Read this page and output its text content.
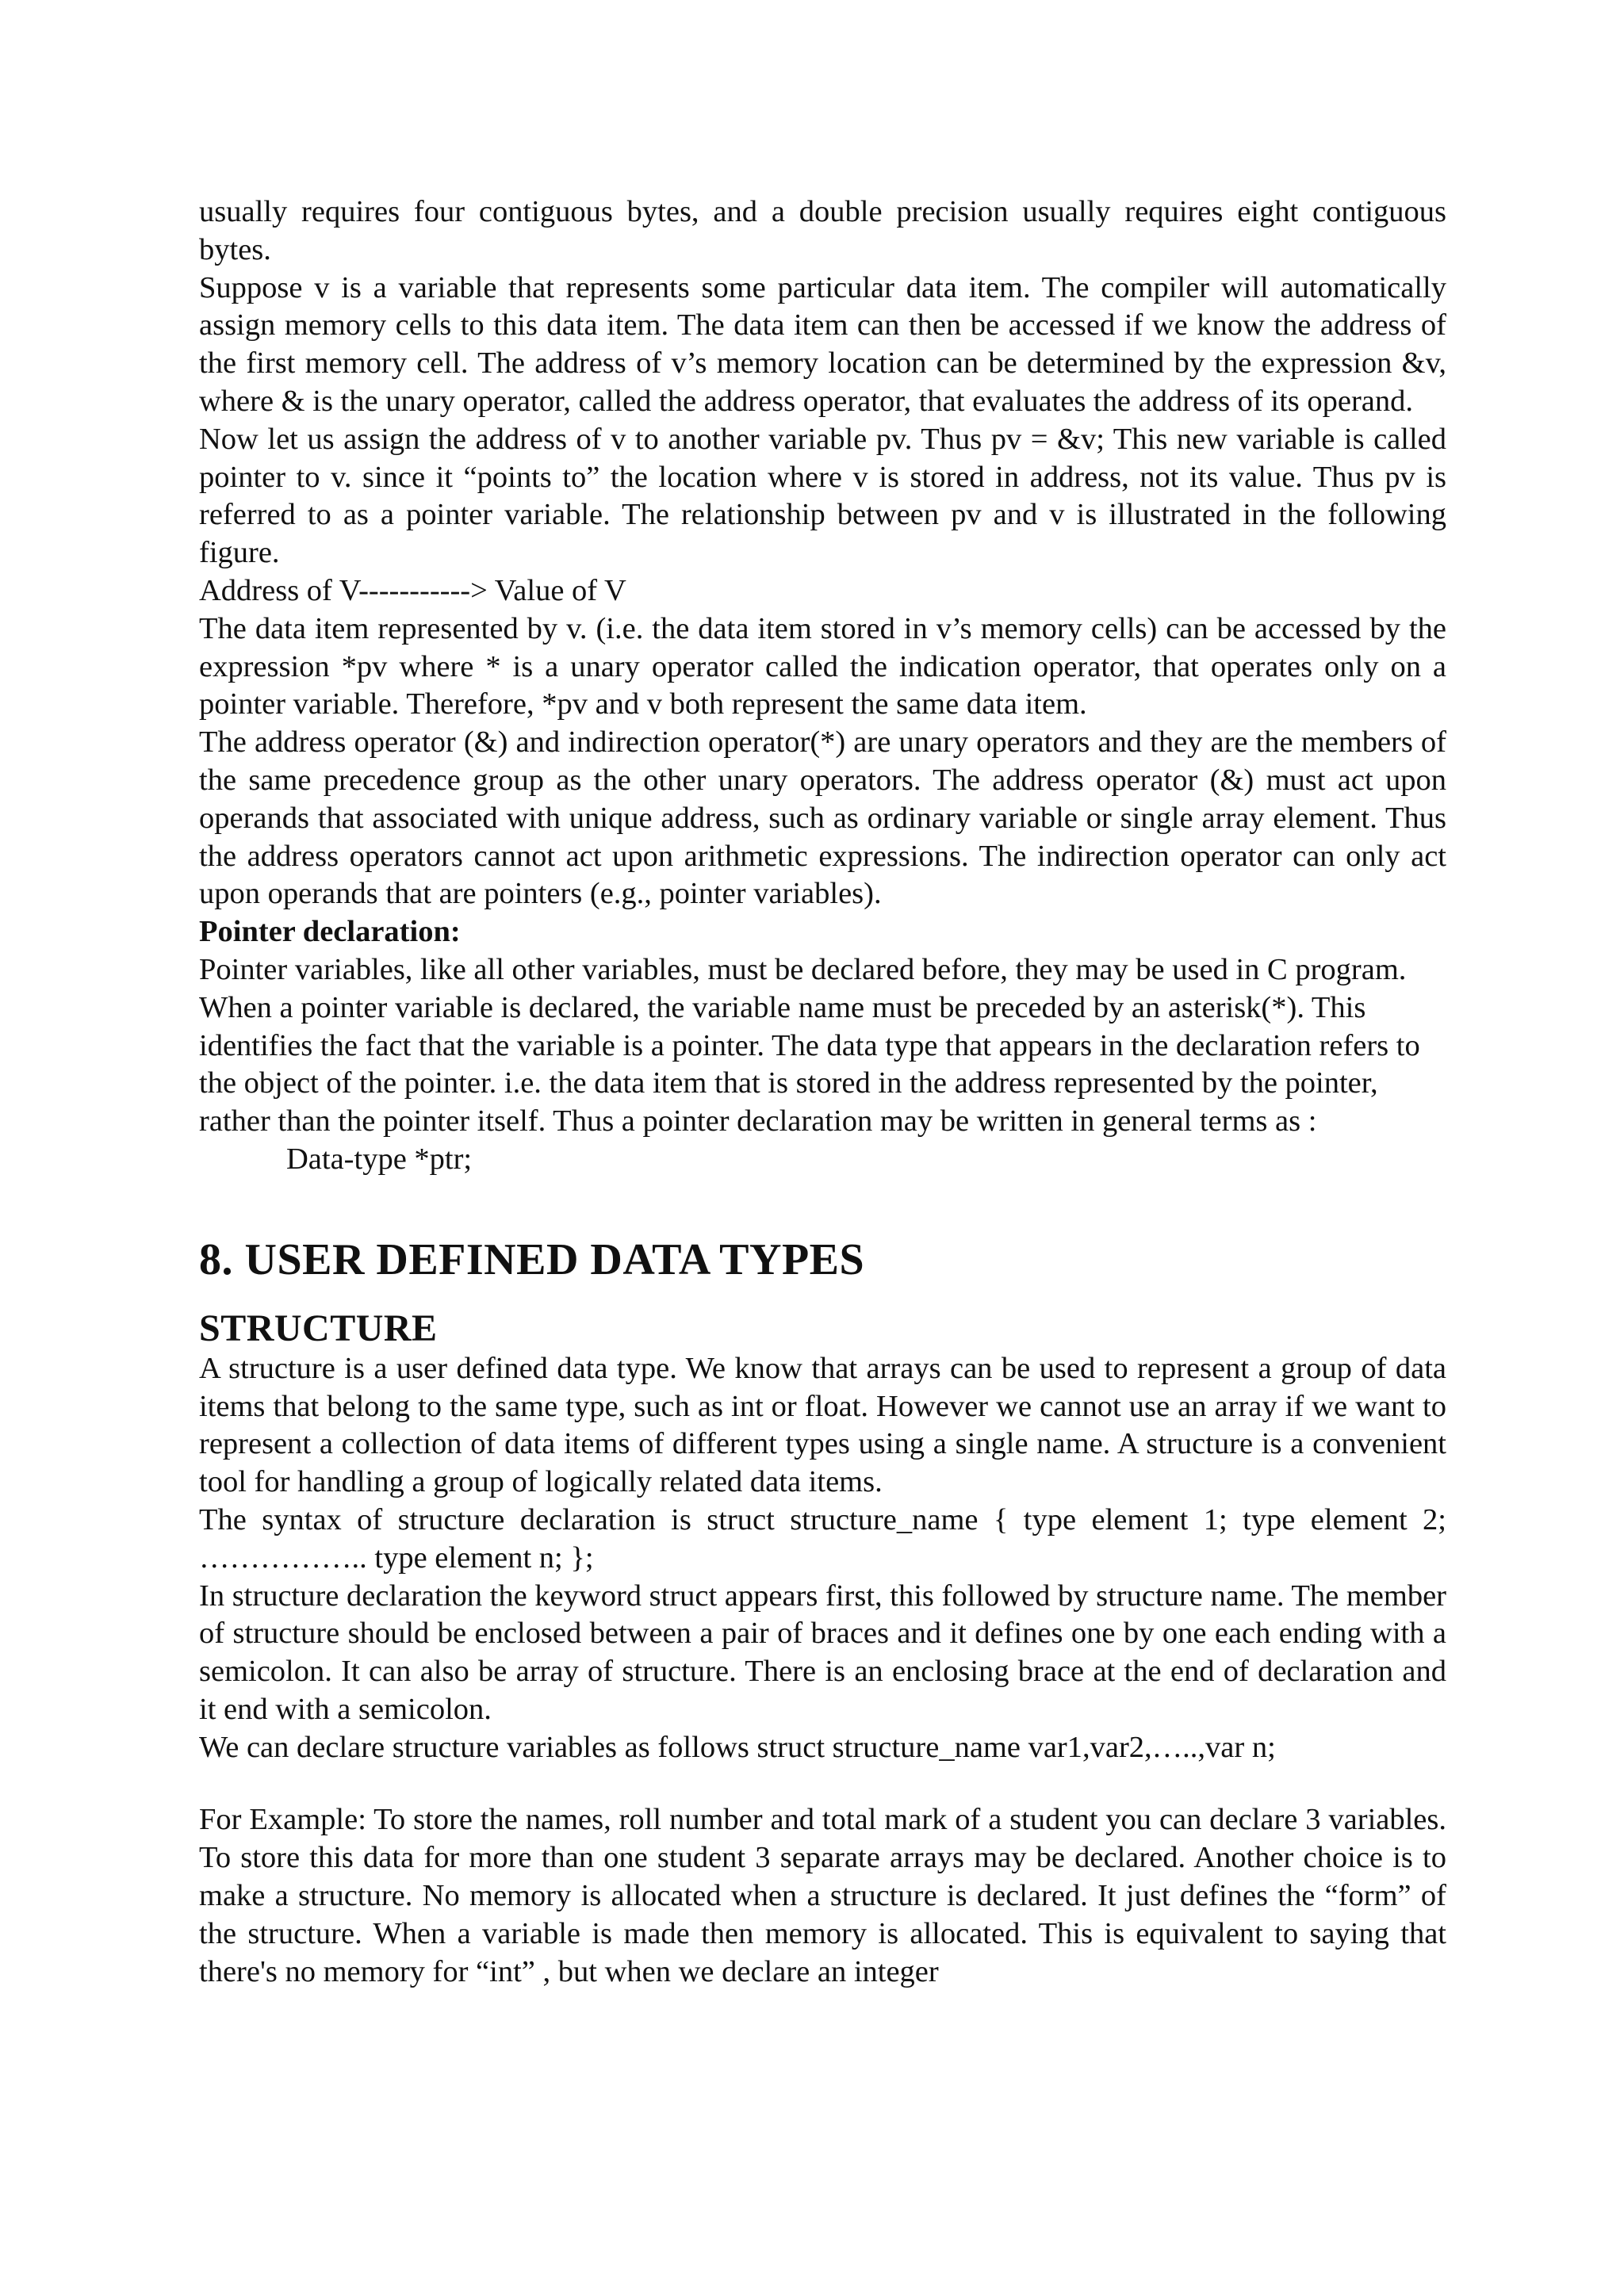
usually requires four contiguous bytes, and a double precision usually requires eight contiguous bytes.

Suppose v is a variable that represents some particular data item. The compiler will automatically assign memory cells to this data item. The data item can then be accessed if we know the address of the first memory cell. The address of v’s memory location can be determined by the expression &v, where & is the unary operator, called the address operator, that evaluates the address of its operand.

Now let us assign the address of v to another variable pv. Thus pv = &v; This new variable is called pointer to v. since it “points to” the location where v is stored in address, not its value. Thus pv is referred to as a pointer variable. The relationship between pv and v is illustrated in the following figure.

Address of V-----------> Value of V

The data item represented by v. (i.e. the data item stored in v’s memory cells) can be accessed by the expression *pv where * is a unary operator called the indication operator, that operates only on a pointer variable. Therefore, *pv and v both represent the same data item.

The address operator (&) and indirection operator(*) are unary operators and they are the members of the same precedence group as the other unary operators. The address operator (&) must act upon operands that associated with unique address, such as ordinary variable or single array element. Thus the address operators cannot act upon arithmetic expressions. The indirection operator can only act upon operands that are pointers (e.g., pointer variables).

Pointer declaration:

Pointer variables, like all other variables, must be declared before, they may be used in C program. When a pointer variable is declared, the variable name must be preceded by an asterisk(*). This identifies the fact that the variable is a pointer. The data type that appears in the declaration refers to the object of the pointer. i.e. the data item that is stored in the address represented by the pointer, rather than the pointer itself. Thus a pointer declaration may be written in general terms as :

Data-type *ptr;

8. USER DEFINED DATA TYPES
STRUCTURE

A structure is a user defined data type. We know that arrays can be used to represent a group of data items that belong to the same type, such as int or float. However we cannot use an array if we want to represent a collection of data items of different types using a single name. A structure is a convenient tool for handling a group of logically related data items.

The syntax of structure declaration is struct structure_name { type element 1; type element 2; …………….. type element n; };

In structure declaration the keyword struct appears first, this followed by structure name. The member of structure should be enclosed between a pair of braces and it defines one by one each ending with a semicolon. It can also be array of structure. There is an enclosing brace at the end of declaration and it end with a semicolon.

We can declare structure variables as follows struct structure_name var1,var2,…..,var n;

For Example: To store the names, roll number and total mark of a student you can declare 3 variables. To store this data for more than one student 3 separate arrays may be declared. Another choice is to make a structure. No memory is allocated when a structure is declared. It just defines the “form” of the structure. When a variable is made then memory is allocated. This is equivalent to saying that there's no memory for “int” , but when we declare an integer
